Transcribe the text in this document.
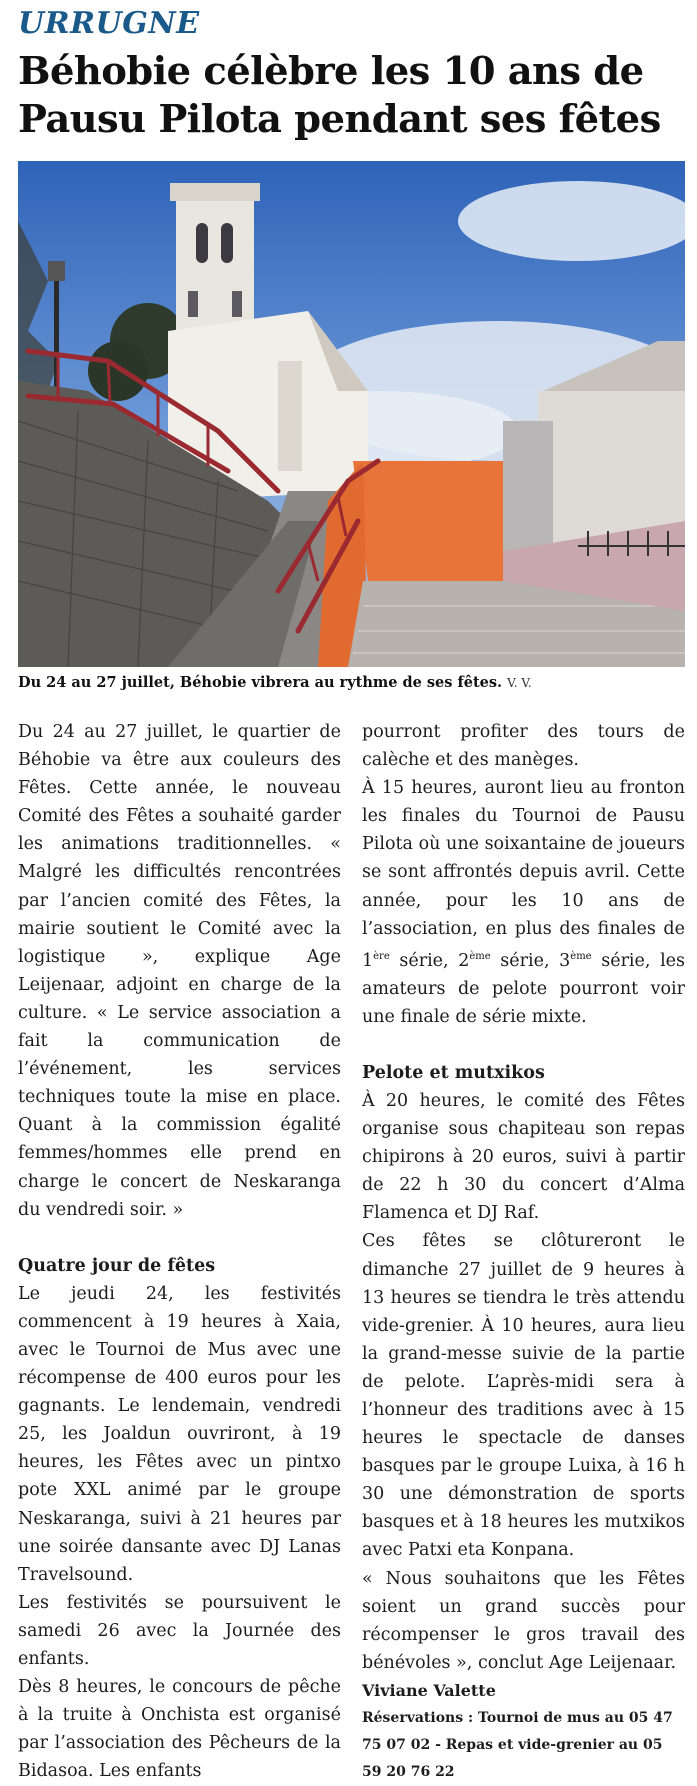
URRUGNE
Béhobie célèbre les 10 ans de Pausu Pilota pendant ses fêtes
Du 24 au 27 juillet, Béhobie vibrera au rythme de ses fêtes. V. V.

Du 24 au 27 juillet, le quartier de Béhobie va être aux couleurs des Fêtes. Cette année, le nouveau Comité des Fêtes a souhaité garder les animations traditionnelles. « Malgré les difficultés rencontrées par l’ancien comité des Fêtes, la mairie soutient le Comité avec la logistique », explique Age Leijenaar, adjoint en charge de la culture. « Le service association a fait la communication de l’événement, les services techniques toute la mise en place. Quant à la commission égalité femmes/hommes elle prend en charge le concert de Neskaranga du vendredi soir. »

Quatre jour de fêtes

Le jeudi 24, les festivités commencent à 19 heures à Xaia, avec le Tournoi de Mus avec une récompense de 400 euros pour les gagnants. Le lendemain, vendredi 25, les Joaldun ouvriront, à 19 heures, les Fêtes avec un pintxo pote XXL animé par le groupe Neskaranga, suivi à 21 heures par une soirée dansante avec DJ Lanas Travelsound.

Les festivités se poursuivent le samedi 26 avec la Journée des enfants.

Dès 8 heures, le concours de pêche à la truite à Onchista est organisé par l’association des Pêcheurs de la Bidasoa. Les enfants

pourront profiter des tours de calèche et des manèges.

À 15 heures, auront lieu au fronton les finales du Tournoi de Pausu Pilota où une soixantaine de joueurs se sont affrontés depuis avril. Cette année, pour les 10 ans de l’association, en plus des finales de 1ère série, 2ème série, 3ème série, les amateurs de pelote pourront voir une finale de série mixte.

Pelote et mutxikos

À 20 heures, le comité des Fêtes organise sous chapiteau son repas chipirons à 20 euros, suivi à partir de 22 h 30 du concert d’Alma Flamenca et DJ Raf.

Ces fêtes se clôtureront le dimanche 27 juillet de 9 heures à 13 heures se tiendra le très attendu vide-grenier. À 10 heures, aura lieu la grand-messe suivie de la partie de pelote. L’après-midi sera à l’honneur des traditions avec à 15 heures le spectacle de danses basques par le groupe Luixa, à 16 h 30 une démonstration de sports basques et à 18 heures les mutxikos avec Patxi eta Konpana.

« Nous souhaitons que les Fêtes soient un grand succès pour récompenser le gros travail des bénévoles », conclut Age Leijenaar.

Viviane Valette

Réservations : Tournoi de mus au 05 47 75 07 02 - Repas et vide-grenier au 05 59 20 76 22
